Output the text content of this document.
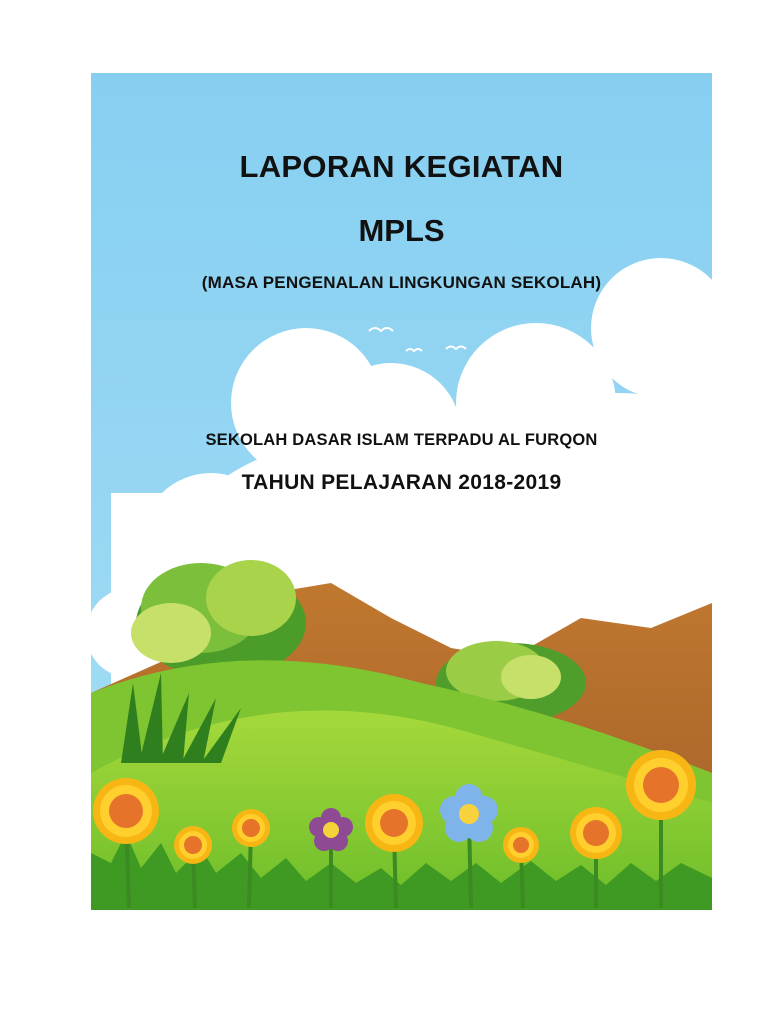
LAPORAN KEGIATAN
MPLS
(MASA PENGENALAN LINGKUNGAN SEKOLAH)
SEKOLAH DASAR ISLAM TERPADU AL FURQON
TAHUN PELAJARAN 2018-2019
